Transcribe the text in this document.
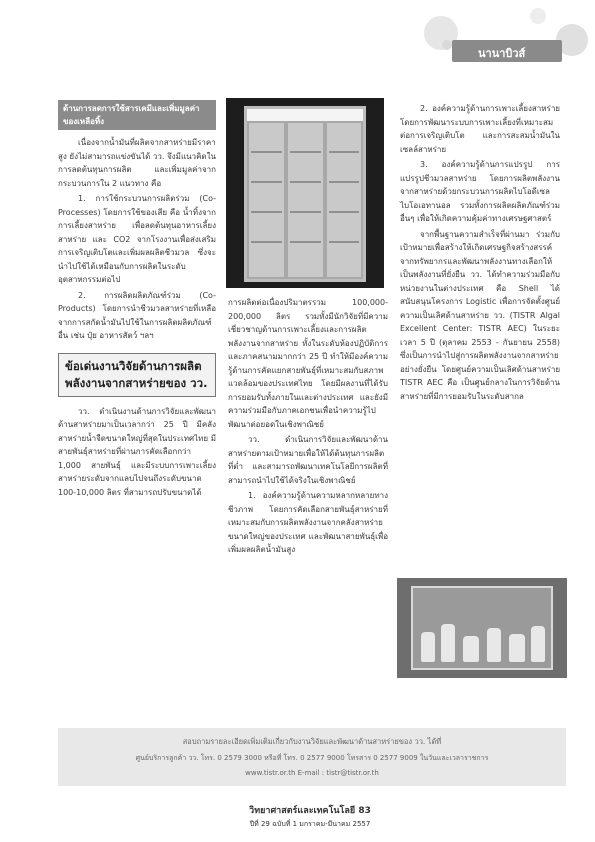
นานาบิวส์
ด้านการลดการใช้สารเคมีและเพิ่มมูลค่าของเหลือทิ้ง

เนื่องจากน้ำมันที่ผลิตจากสาหร่ายมีราคาสูง ยังไม่สามารถแข่งขันได้ วว. จึงมีแนวคิดในการลดต้นทุนการผลิต และเพิ่มมูลค่าจากกระบวนการใน 2 แนวทาง คือ

1. การใช้กระบวนการผลิตร่วม (Co-Processes) โดยการใช้ของเสีย คือ น้ำทิ้งจากการเลี้ยงสาหร่าย เพื่อลดต้นทุนอาหารเลี้ยงสาหร่าย และ CO2 จากโรงงานเพื่อส่งเสริมการเจริญเติบโตและเพิ่มผลผลิตชีวมวล ซึ่งจะนำไปใช้ได้เหมือนกับการผลิตในระดับอุตสาหกรรมต่อไป

2. การผลิตผลิตภัณฑ์ร่วม (Co-Products) โดยการนำชีวมวลสาหร่ายที่เหลือจากการสกัดน้ำมันไปใช้ในการผลิตผลิตภัณฑ์อื่น เช่น ปุ๋ย อาหารสัตว์ ฯลฯ

ข้อเด่นงานวิจัยด้านการผลิตพลังงานจากสาหร่ายของ วว.

วว. ดำเนินงานด้านการวิจัยและพัฒนาด้านสาหร่ายมาเป็นเวลากว่า 25 ปี มีคลังสาหร่ายน้ำจืดขนาดใหญ่ที่สุดในประเทศไทย มีสายพันธุ์สาหร่ายที่ผ่านการคัดเลือกกว่า 1,000 สายพันธุ์ และมีระบบการเพาะเลี้ยงสาหร่ายระดับจากแลบไปจนถึงระดับขนาด 100-10,000 ลิตร ที่สามารถปรับขนาดได้

การผลิตต่อเนื่องปริมาตรรวม 100,000-200,000 ลิตร รวมทั้งมีนักวิจัยที่มีความเชี่ยวชาญด้านการเพาะเลี้ยงและการผลิตพลังงานจากสาหร่าย ทั้งในระดับห้องปฏิบัติการและภาคสนามมากกว่า 25 ปี ทำให้มีองค์ความรู้ด้านการคัดแยกสายพันธุ์ที่เหมาะสมกับสภาพแวดล้อมของประเทศไทย โดยมีผลงานที่ได้รับการยอมรับทั้งภายในและต่างประเทศ และยังมีความร่วมมือกับภาคเอกชนเพื่อนำความรู้ไปพัฒนาต่อยอดในเชิงพาณิชย์

วว. ดำเนินการวิจัยและพัฒนาด้านสาหร่ายตามเป้าหมายเพื่อให้ได้ต้นทุนการผลิตที่ต่ำ และสามารถพัฒนาเทคโนโลยีการผลิตที่สามารถนำไปใช้ได้จริงในเชิงพาณิชย์

1. องค์ความรู้ด้านความหลากหลายทางชีวภาพ โดยการคัดเลือกสายพันธุ์สาหร่ายที่เหมาะสมกับการผลิตพลังงานจากคลังสาหร่ายขนาดใหญ่ของประเทศ และพัฒนาสายพันธุ์เพื่อเพิ่มผลผลิตน้ำมันสูง

2. องค์ความรู้ด้านการเพาะเลี้ยงสาหร่าย โดยการพัฒนาระบบการเพาะเลี้ยงที่เหมาะสมต่อการเจริญเติบโต และการสะสมน้ำมันในเซลล์สาหร่าย

3. องค์ความรู้ด้านการแปรรูป การแปรรูปชีวมวลสาหร่าย โดยการผลิตพลังงานจากสาหร่ายด้วยกระบวนการผลิตไบโอดีเซล ไบโอเอทานอล รวมทั้งการผลิตผลิตภัณฑ์ร่วมอื่นๆ เพื่อให้เกิดความคุ้มค่าทางเศรษฐศาสตร์

จากพื้นฐานความสำเร็จที่ผ่านมา ร่วมกับเป้าหมายเพื่อสร้างให้เกิดเศรษฐกิจสร้างสรรค์จากทรัพยากรและพัฒนาพลังงานทางเลือกให้เป็นพลังงานที่ยั่งยืน วว. ได้ทำความร่วมมือกับหน่วยงานในต่างประเทศ คือ Shell ได้สนับสนุนโครงการ Logistic เพื่อการจัดตั้งศูนย์ความเป็นเลิศด้านสาหร่าย วว. (TISTR Algal Excellent Center: TISTR AEC) ในระยะเวลา 5 ปี (ตุลาคม 2553 - กันยายน 2558) ซึ่งเป็นการนำไปสู่การผลิตพลังงานจากสาหร่ายอย่างยั่งยืน โดยศูนย์ความเป็นเลิศด้านสาหร่าย TISTR AEC คือ เป็นศูนย์กลางในการวิจัยด้านสาหร่ายที่มีการยอมรับในระดับสากล

สอบถามรายละเอียดเพิ่มเติมเกี่ยวกับงานวิจัยและพัฒนาด้านสาหร่ายของ วว. ได้ที่
ศูนย์บริการลูกค้า วว. โทร. 0 2579 3000 หรือที่ โทร. 0 2577 9000 โทรสาร 0 2577 9009 ในวันและเวลาราชการ
www.tistr.or.th E-mail : tistr@tistr.or.th
วิทยาศาสตร์และเทคโนโลยี 83
ปีที่ 29 ฉบับที่ 1 มกราคม-มีนาคม 2557
